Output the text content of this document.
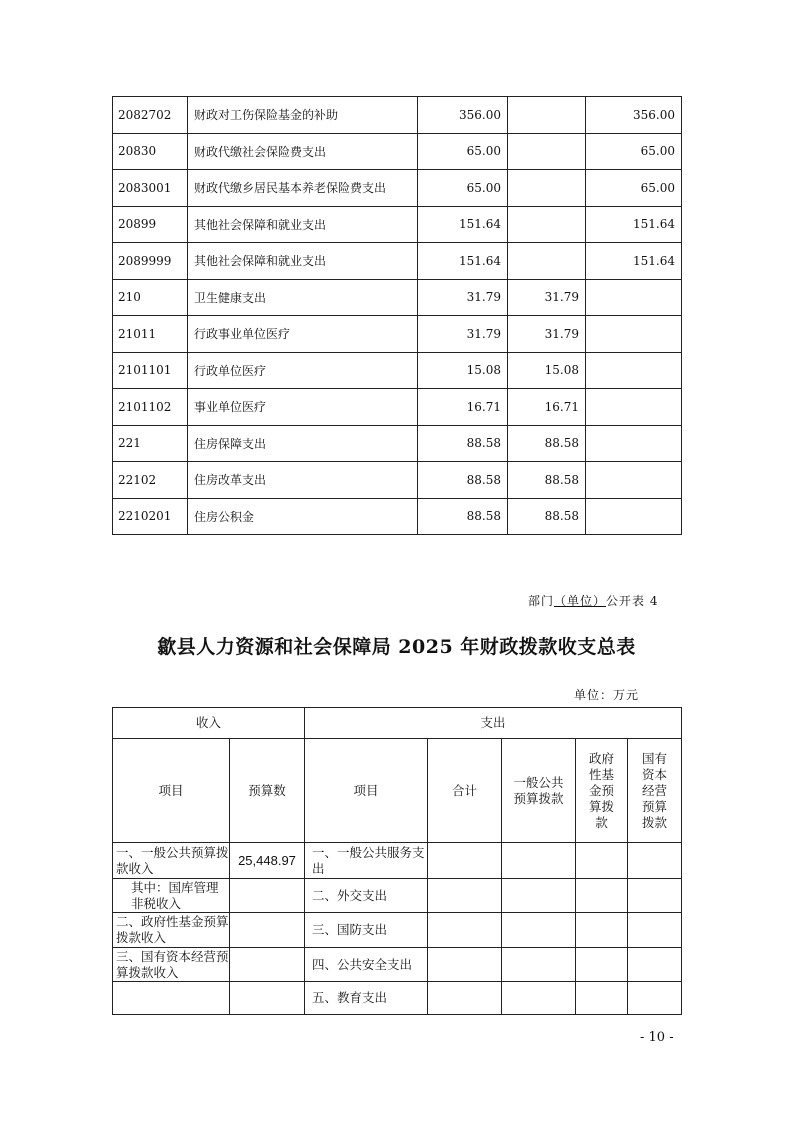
2082702	财政对工伤保险基金的补助	356.00		356.00
20830	财政代缴社会保险费支出	65.00		65.00
2083001	财政代缴乡居民基本养老保险费支出	65.00		65.00
20899	其他社会保障和就业支出	151.64		151.64
2089999	其他社会保障和就业支出	151.64		151.64
210	卫生健康支出	31.79	31.79	
21011	行政事业单位医疗	31.79	31.79	
2101101	行政单位医疗	15.08	15.08	
2101102	事业单位医疗	16.71	16.71	
221	住房保障支出	88.58	88.58	
22102	住房改革支出	88.58	88.58	
2210201	住房公积金	88.58	88.58	
部门（单位）公开表 4
歙县人力资源和社会保障局 2025 年财政拨款收支总表
单位：万元
收入		支出				
项目	预算数	项目	合计	一般公共预算拨款	政府性基金预算拨款	国有资本经营预算拨款
一、一般公共预算拨款收入	25,448.97	一、一般公共服务支出				
其中：国库管理非税收入		二、外交支出				
二、政府性基金预算拨款收入		三、国防支出				
三、国有资本经营预算拨款收入		四、公共安全支出				
		五、教育支出				
- 10 -
